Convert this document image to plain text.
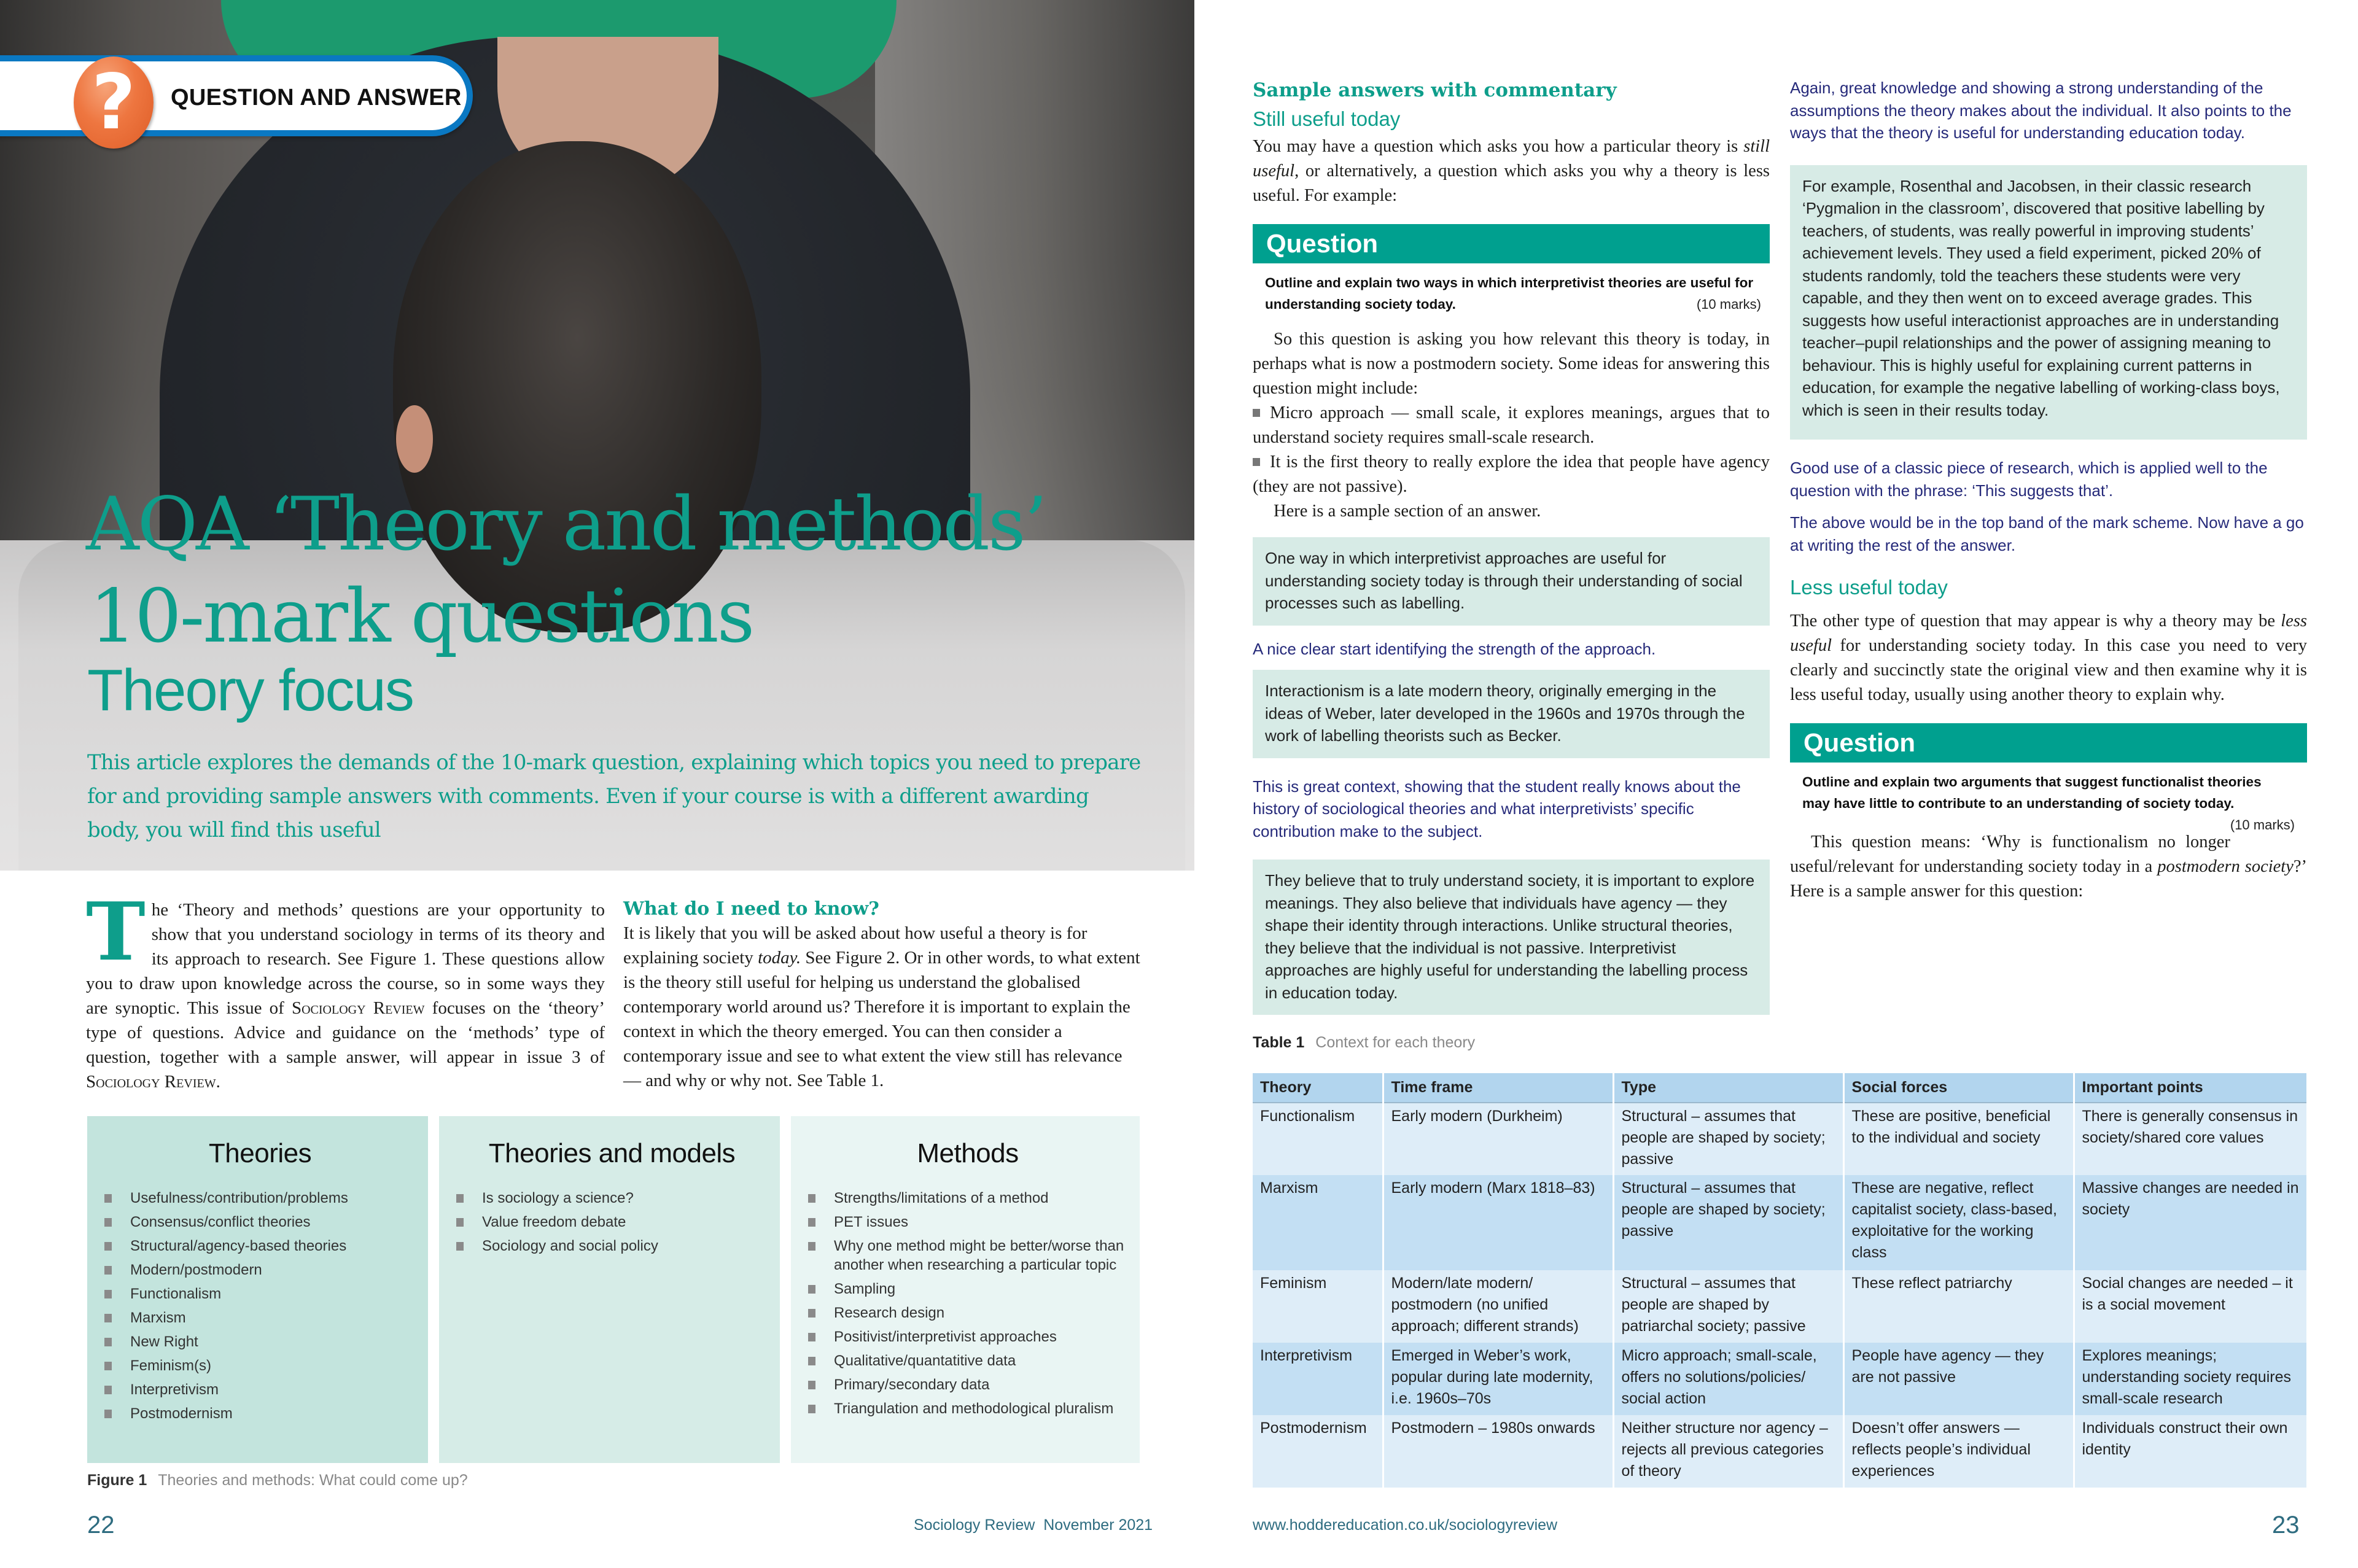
?	QUESTION AND ANSWER
AQA ‘Theory and methods’
10-mark questions
Theory focus
This article explores the demands of the 10-mark question, explaining which topics you need to prepare for and providing sample answers with comments. Even if your course is with a different awarding body, you will find this useful
The ‘Theory and methods’ questions are your opportunity to show that you understand sociology in terms of its theory and its approach to research. See Figure 1. These questions allow you to draw upon knowledge across the course, so in some ways they are synoptic. This issue of Sociology Review focuses on the ‘theory’ type of questions. Advice and guidance on the ‘methods’ type of question, together with a sample answer, will appear in issue 3 of Sociology Review.
What do I need to know?

It is likely that you will be asked about how useful a theory is for explaining society today. See Figure 2. Or in other words, to what extent is the theory still useful for helping us understand the globalised contemporary world around us? Therefore it is important to explain the context in which the theory emerged. You can then consider a contemporary issue and see to what extent the view still has relevance — and why or why not. See Table 1.

Theories
Usefulness/contribution/problems
Consensus/conflict theories
Structural/agency-based theories
Modern/postmodern
Functionalism
Marxism
New Right
Feminism(s)
Interpretivism
Postmodernism
Theories and models
Is sociology a science?
Value freedom debate
Sociology and social policy
Methods
Strengths/limitations of a method
PET issues
Why one method might be better/worse than another when researching a particular topic
Sampling
Research design
Positivist/interpretivist approaches
Qualitative/quantatitive data
Primary/secondary data
Triangulation and methodological pluralism
Figure 1 Theories and methods: What could come up?
22	Sociology Review  November 2021
Sample answers with commentary
Still useful today

You may have a question which asks you how a particular theory is still useful, or alternatively, a question which asks you why a theory is less useful. For example:

Question
Outline and explain two ways in which interpretivist theories are useful for understanding society today.	(10 marks)

So this question is asking you how relevant this theory is today, in perhaps what is now a postmodern society. Some ideas for answering this question might include:

Micro approach — small scale, it explores meanings, argues that to understand society requires small-scale research.

It is the first theory to really explore the idea that people have agency (they are not passive).

Here is a sample section of an answer.

One way in which interpretivist approaches are useful for understanding society today is through their understanding of social processes such as labelling.

A nice clear start identifying the strength of the approach.

Interactionism is a late modern theory, originally emerging in the ideas of Weber, later developed in the 1960s and 1970s through the work of labelling theorists such as Becker.

This is great context, showing that the student really knows about the history of sociological theories and what interpretivists’ specific contribution make to the subject.

They believe that to truly understand society, it is important to explore meanings. They also believe that individuals have agency — they shape their identity through interactions. Unlike structural theories, they believe that the individual is not passive. Interpretivist approaches are highly useful for understanding the labelling process in education today.

Again, great knowledge and showing a strong understanding of the assumptions the theory makes about the individual. It also points to the ways that the theory is useful for understanding education today.

For example, Rosenthal and Jacobsen, in their classic research ‘Pygmalion in the classroom’, discovered that positive labelling by teachers, of students, was really powerful in improving students’ achievement levels. They used a field experiment, picked 20% of students randomly, told the teachers these students were very capable, and they then went on to exceed average grades. This suggests how useful interactionist approaches are in understanding teacher–pupil relationships and the power of assigning meaning to behaviour. This is highly useful for explaining current patterns in education, for example the negative labelling of working-class boys, which is seen in their results today.

Good use of a classic piece of research, which is applied well to the question with the phrase: ‘This suggests that’.

The above would be in the top band of the mark scheme. Now have a go at writing the rest of the answer.

Less useful today

The other type of question that may appear is why a theory may be less useful for understanding society today. In this case you need to very clearly and succinctly state the original view and then examine why it is less useful today, usually using another theory to explain why.

Question
Outline and explain two arguments that suggest functionalist theories may have little to contribute to an understanding of society today.
(10 marks)

This question means: ‘Why is functionalism no longer useful/relevant for understanding society today in a postmodern society?’ Here is a sample answer for this question:

Table 1 Context for each theory
Theory	Time frame	Type	Social forces	Important points
Functionalism	Early modern (Durkheim)	Structural – assumes that people are shaped by society; passive	These are positive, beneficial to the individual and society	There is generally consensus in society/shared core values
Marxism	Early modern (Marx 1818–83)	Structural – assumes that people are shaped by society; passive	These are negative, reflect capitalist society, class-based, exploitative for the working class	Massive changes are needed in society
Feminism	Modern/late modern/ postmodern (no unified approach; different strands)	Structural – assumes that people are shaped by patriarchal society; passive	These reflect patriarchy	Social changes are needed – it is a social movement
Interpretivism	Emerged in Weber’s work, popular during late modernity, i.e. 1960s–70s	Micro approach; small-scale, offers no solutions/policies/ social action	People have agency — they are not passive	Explores meanings; understanding society requires small-scale research
Postmodernism	Postmodern – 1980s onwards	Neither structure nor agency – rejects all previous categories of theory	Doesn’t offer answers — reflects people’s individual experiences	Individuals construct their own identity
www.hoddereducation.co.uk/sociologyreview	23
